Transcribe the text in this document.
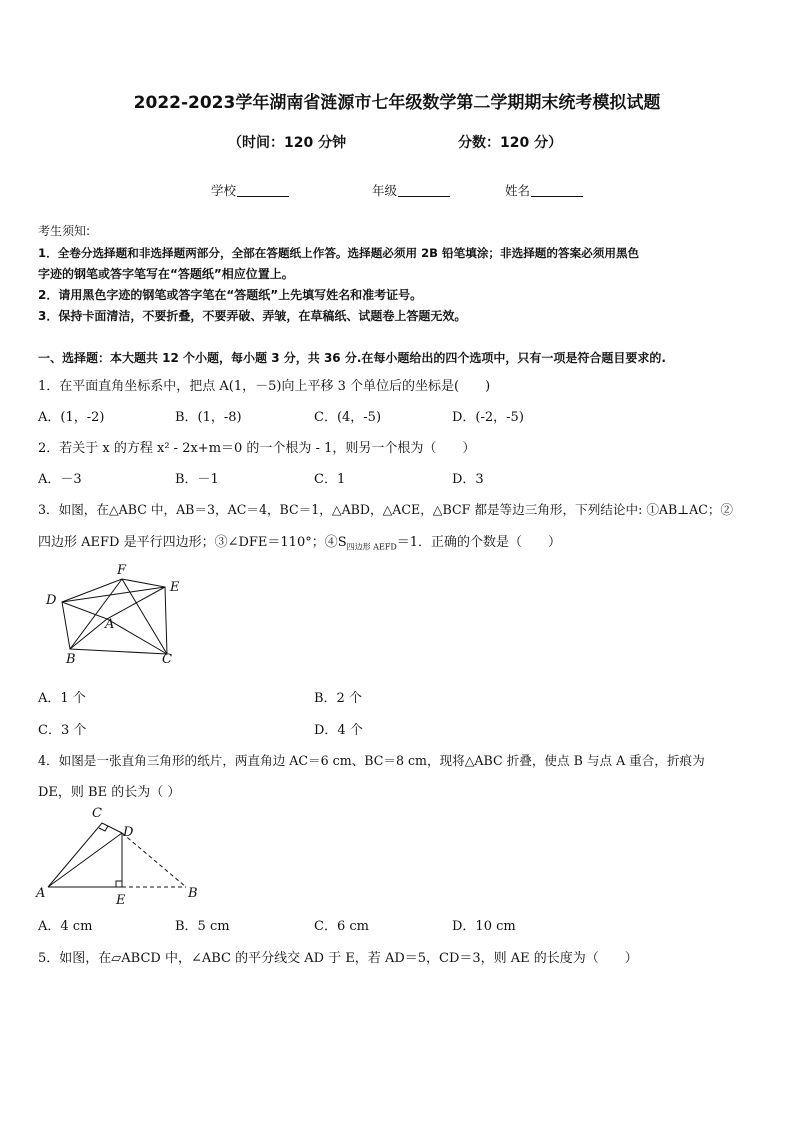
2022-2023学年湖南省涟源市七年级数学第二学期期末统考模拟试题
（时间：120 分钟	分数：120 分）
学校	年级	姓名
考生须知:
1．全卷分选择题和非选择题两部分，全部在答题纸上作答。选择题必须用 2B 铅笔填涂；非选择题的答案必须用黑色
字迹的钢笔或答字笔写在“答题纸”相应位置上。
2．请用黑色字迹的钢笔或答字笔在“答题纸”上先填写姓名和准考证号。
3．保持卡面清洁，不要折叠，不要弄破、弄皱，在草稿纸、试题卷上答题无效。
一、选择题：本大题共 12 个小题，每小题 3 分，共 36 分.在每小题给出的四个选项中，只有一项是符合题目要求的.
1．在平面直角坐标系中，把点 A(1，－5)向上平移 3 个单位后的坐标是(　　)
A．(1，-2)	B．(1，-8)	C．(4，-5)	D．(-2，-5)
2．若关于 x 的方程 x² - 2x+m＝0 的一个根为 - 1，则另一个根为（　　）
A．－3	B．－1	C．1	D．3
3．如图，在△ABC 中，AB＝3，AC＝4，BC＝1，△ABD，△ACE，△BCF 都是等边三角形，下列结论中: ①AB⊥AC；②
四边形 AEFD 是平行四边形；③∠DFE＝110°；$④S_{四边形 AEFD}=1$．正确的个数是（　　）
F
E
D
A
B	C
A．1 个	B．2 个
C．3 个	D．4 个
4．如图是一张直角三角形的纸片，两直角边 AC＝6 cm、BC＝8 cm，现将△ABC 折叠，使点 B 与点 A 重合，折痕为
DE，则 BE 的长为（ ）
C
D
A	E	B
A．4 cm	B．5 cm	C．6 cm	D．10 cm
5．如图，在▱ABCD 中，∠ABC 的平分线交 AD 于 E，若 AD＝5，CD＝3，则 AE 的长度为（　　）
